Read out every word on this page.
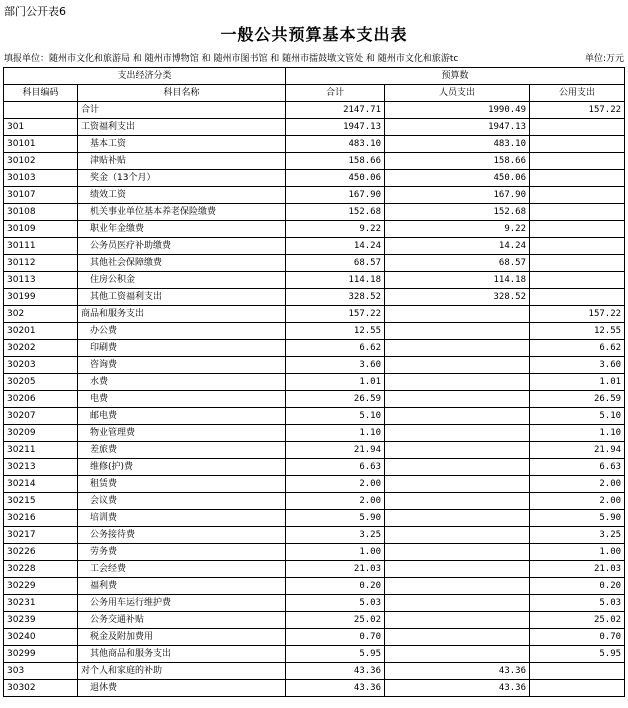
部门公开表6
一般公共预算基本支出表
填报单位：随州市文化和旅游局 和 随州市博物馆 和 随州市图书馆 和 随州市擂鼓墩文管处 和 随州市文化和旅游tc	单位:万元
支出经济分类		预算数		
科目编码	科目名称	合计	人员支出	公用支出
	合计	2147.71	1990.49	157.22
301	工资福利支出	1947.13	1947.13	
30101	基本工资	483.10	483.10	
30102	津贴补贴	158.66	158.66	
30103	奖金（13个月）	450.06	450.06	
30107	绩效工资	167.90	167.90	
30108	机关事业单位基本养老保险缴费	152.68	152.68	
30109	职业年金缴费	9.22	9.22	
30111	公务员医疗补助缴费	14.24	14.24	
30112	其他社会保障缴费	68.57	68.57	
30113	住房公积金	114.18	114.18	
30199	其他工资福利支出	328.52	328.52	
302	商品和服务支出	157.22		157.22
30201	办公费	12.55		12.55
30202	印刷费	6.62		6.62
30203	咨询费	3.60		3.60
30205	水费	1.01		1.01
30206	电费	26.59		26.59
30207	邮电费	5.10		5.10
30209	物业管理费	1.10		1.10
30211	差旅费	21.94		21.94
30213	维修(护)费	6.63		6.63
30214	租赁费	2.00		2.00
30215	会议费	2.00		2.00
30216	培训费	5.90		5.90
30217	公务接待费	3.25		3.25
30226	劳务费	1.00		1.00
30228	工会经费	21.03		21.03
30229	福利费	0.20		0.20
30231	公务用车运行维护费	5.03		5.03
30239	公务交通补贴	25.02		25.02
30240	税金及附加费用	0.70		0.70
30299	其他商品和服务支出	5.95		5.95
303	对个人和家庭的补助	43.36	43.36	
30302	退休费	43.36	43.36	
